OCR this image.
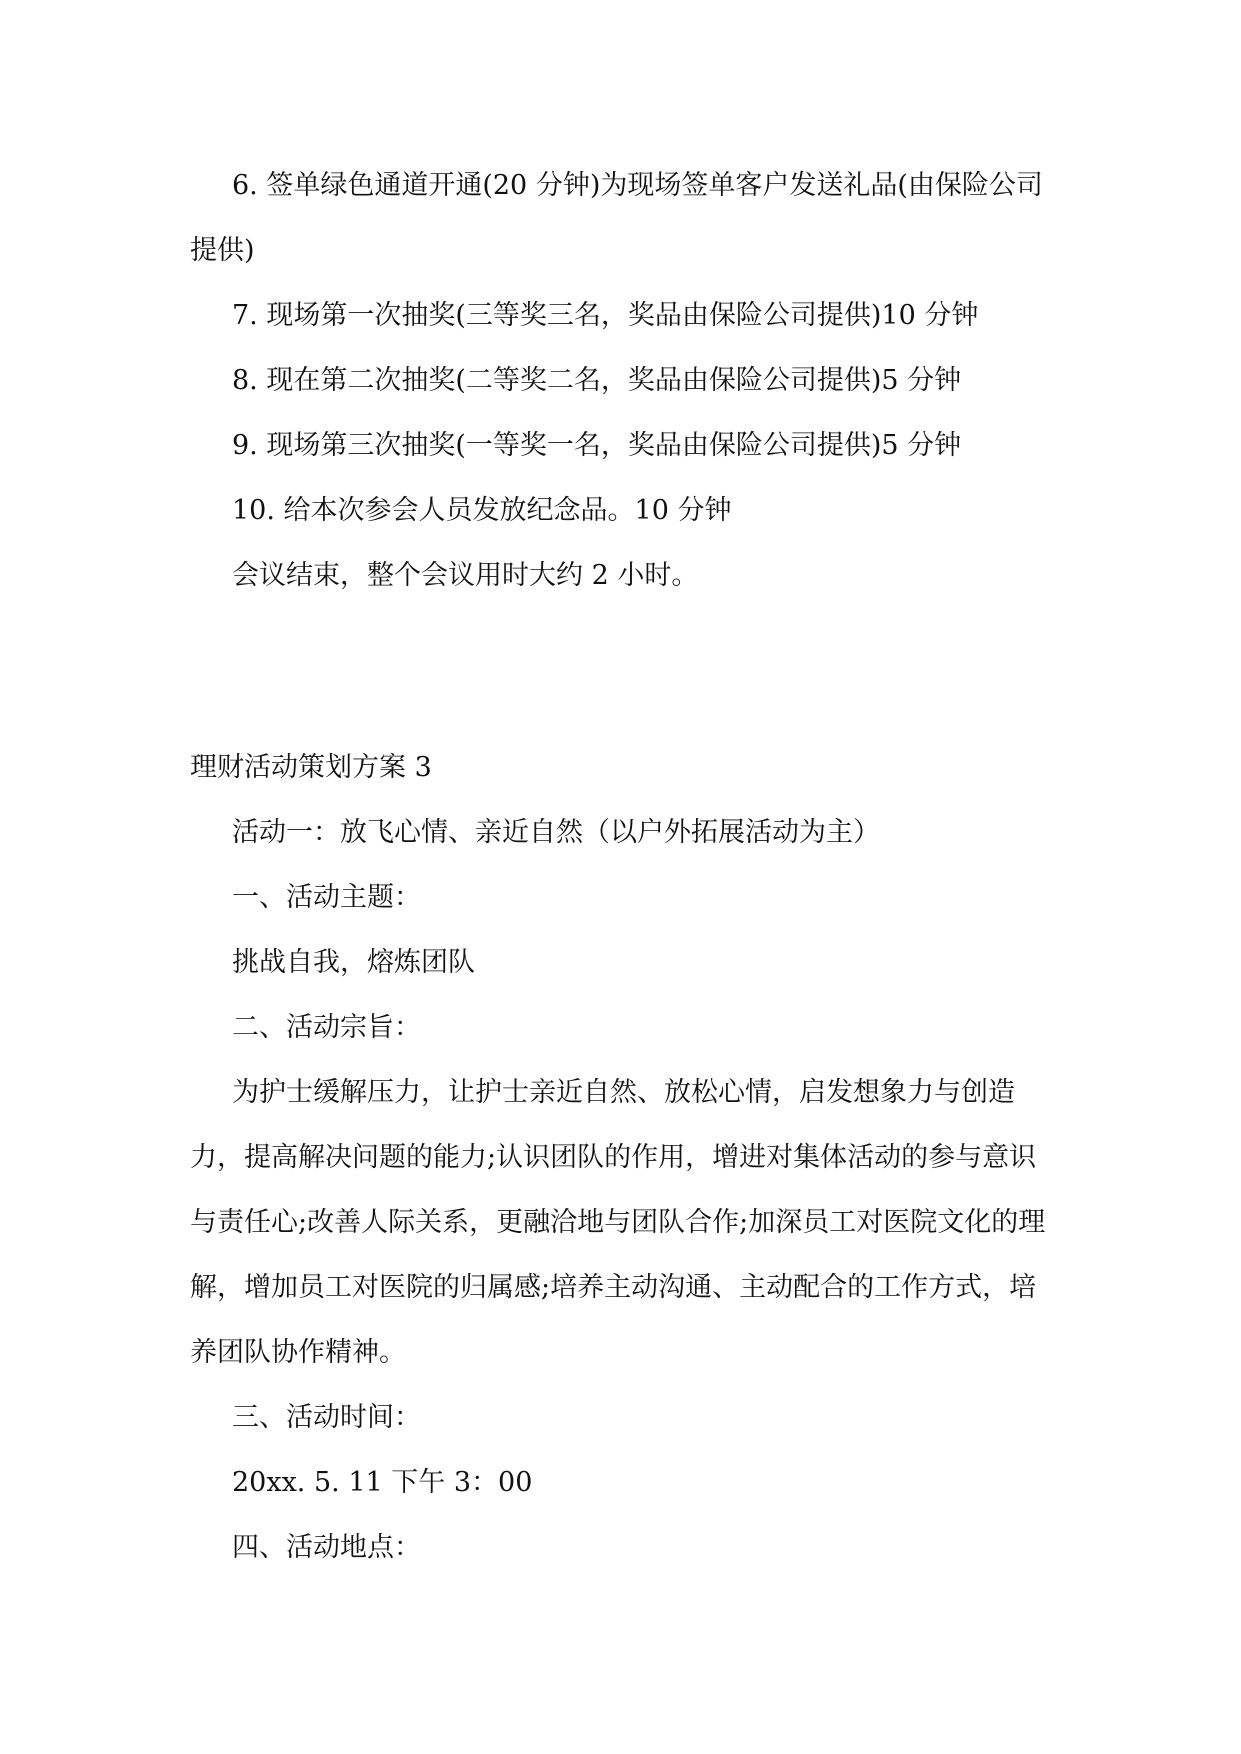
6. 签单绿色通道开通(20 分钟)为现场签单客户发送礼品(由保险公司提供)

7. 现场第一次抽奖(三等奖三名，奖品由保险公司提供)10 分钟

8. 现在第二次抽奖(二等奖二名，奖品由保险公司提供)5 分钟

9. 现场第三次抽奖(一等奖一名，奖品由保险公司提供)5 分钟

10. 给本次参会人员发放纪念品。10 分钟

会议结束，整个会议用时大约 2 小时。

理财活动策划方案 3

活动一：放飞心情、亲近自然（以户外拓展活动为主）

一、活动主题：

挑战自我，熔炼团队

二、活动宗旨：

为护士缓解压力，让护士亲近自然、放松心情，启发想象力与创造力，提高解决问题的能力;认识团队的作用，增进对集体活动的参与意识与责任心;改善人际关系，更融洽地与团队合作;加深员工对医院文化的理解，增加员工对医院的归属感;培养主动沟通、主动配合的工作方式，培养团队协作精神。

三、活动时间：

20xx. 5. 11 下午 3：00

四、活动地点：
